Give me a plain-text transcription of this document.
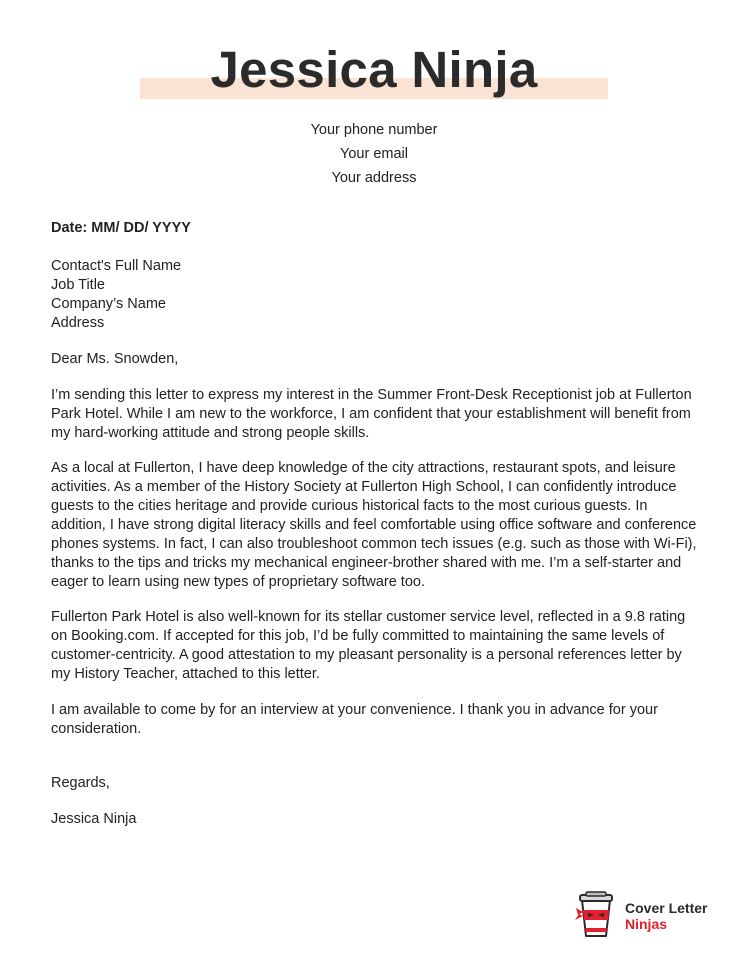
Jessica Ninja
Your phone number
Your email
Your address
Date: MM/ DD/ YYYY
Contact's Full Name
Job Title
Company’s Name
Address
Dear Ms. Snowden,
I’m sending this letter to express my interest in the Summer Front-Desk Receptionist job at Fullerton Park Hotel. While I am new to the workforce, I am confident that your establishment will benefit from my hard-working attitude and strong people skills.
As a local at Fullerton, I have deep knowledge of the city attractions, restaurant spots, and leisure activities. As a member of the History Society at Fullerton High School, I can confidently introduce guests to the cities heritage and provide curious historical facts to the most curious guests. In addition, I have strong digital literacy skills and feel comfortable using office software and conference phones systems. In fact, I can also troubleshoot common tech issues (e.g. such as those with Wi-Fi), thanks to the tips and tricks my mechanical engineer-brother shared with me. I’m a self-starter and eager to learn using new types of proprietary software too.
Fullerton Park Hotel is also well-known for its stellar customer service level, reflected in a 9.8 rating on Booking.com. If accepted for this job, I’d be fully committed to maintaining the same levels of customer-centricity. A good attestation to my pleasant personality is a personal references letter by my History Teacher, attached to this letter.
I am available to come by for an interview at your convenience. I thank you in advance for your consideration.
Regards,
Jessica Ninja
Cover Letter
Ninjas
